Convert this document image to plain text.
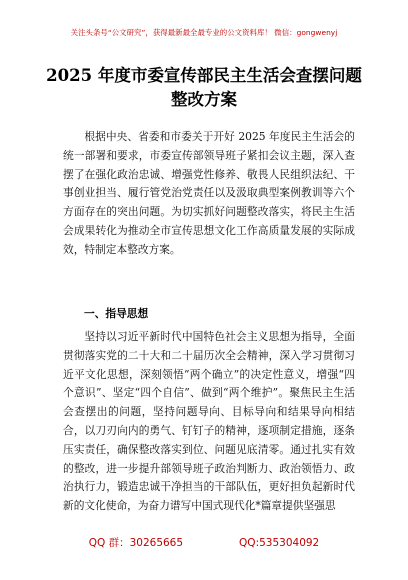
关注头条号“公文研究”，获得最新最全最专业的公文资料库！ 微信：gongwenyj
2025 年度市委宣传部民主生活会查摆问题整改方案

根据中央、省委和市委关于开好 2025 年度民主生活会的统一部署和要求，市委宣传部领导班子紧扣会议主题，深入查摆了在强化政治忠诚、增强党性修养、敬畏人民组织法纪、干事创业担当、履行管党治党责任以及汲取典型案例教训等六个方面存在的突出问题。为切实抓好问题整改落实，将民主生活会成果转化为推动全市宣传思想文化工作高质量发展的实际成效，特制定本整改方案。

一、指导思想

坚持以习近平新时代中国特色社会主义思想为指导，全面贯彻落实党的二十大和二十届历次全会精神，深入学习贯彻习近平文化思想，深刻领悟“两个确立”的决定性意义，增强“四个意识”、坚定“四个自信”、做到“两个维护”。聚焦民主生活会查摆出的问题，坚持问题导向、目标导向和结果导向相结合，以刀刃向内的勇气、钉钉子的精神，逐项制定措施，逐条压实责任，确保整改落实到位、问题见底清零。通过扎实有效的整改，进一步提升部领导班子政治判断力、政治领悟力、政治执行力，锻造忠诚干净担当的干部队伍，更好担负起新时代新的文化使命，为奋力谱写中国式现代化*篇章提供坚强思

QQ 群：30265665	QQ:535304092
